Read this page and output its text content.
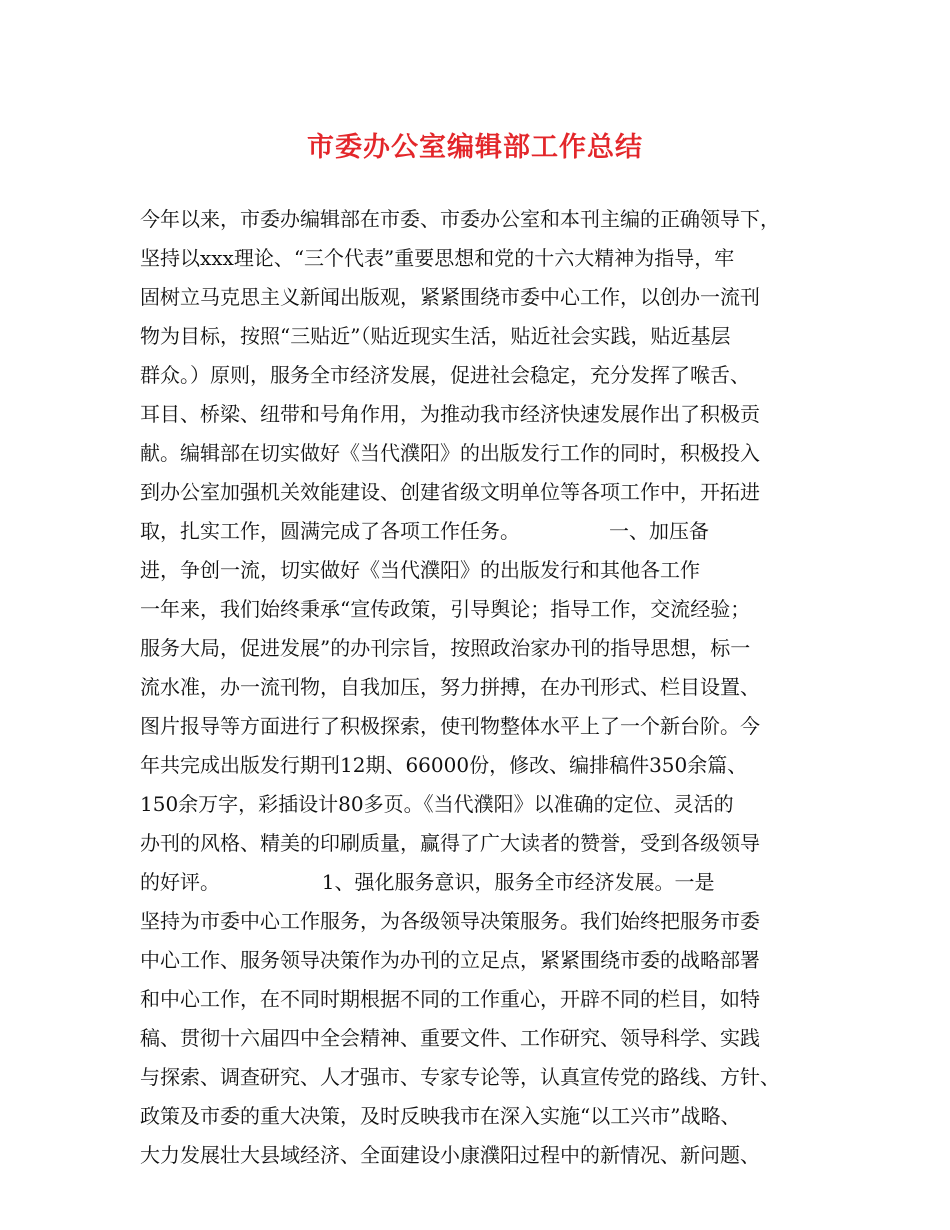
市委办公室编辑部工作总结
今年以来，市委办编辑部在市委、市委办公室和本刊主编的正确领导下，
坚持以xxx理论、“三个代表”重要思想和党的十六大精神为指导，牢
固树立马克思主义新闻出版观，紧紧围绕市委中心工作，以创办一流刊
物为目标，按照“三贴近”（贴近现实生活，贴近社会实践，贴近基层
群众。）原则，服务全市经济发展，促进社会稳定，充分发挥了喉舌、
耳目、桥梁、纽带和号角作用，为推动我市经济快速发展作出了积极贡
献。编辑部在切实做好《当代濮阳》的出版发行工作的同时，积极投入
到办公室加强机关效能建设、创建省级文明单位等各项工作中，开拓进
取，扎实工作，圆满完成了各项工作任务。              一、加压备
进，争创一流，切实做好《当代濮阳》的出版发行和其他各工作
一年来，我们始终秉承“宣传政策，引导舆论；指导工作，交流经验；
服务大局，促进发展”的办刊宗旨，按照政治家办刊的指导思想，标一
流水准，办一流刊物，自我加压，努力拼搏，在办刊形式、栏目设置、
图片报导等方面进行了积极探索，使刊物整体水平上了一个新台阶。今
年共完成出版发行期刊12期、66000份，修改、编排稿件350余篇、
150余万字，彩插设计80多页。《当代濮阳》以准确的定位、灵活的
办刊的风格、精美的印刷质量，赢得了广大读者的赞誉，受到各级领导
的好评。                1、强化服务意识，服务全市经济发展。一是
坚持为市委中心工作服务，为各级领导决策服务。我们始终把服务市委
中心工作、服务领导决策作为办刊的立足点，紧紧围绕市委的战略部署
和中心工作，在不同时期根据不同的工作重心，开辟不同的栏目，如特
稿、贯彻十六届四中全会精神、重要文件、工作研究、领导科学、实践
与探索、调查研究、人才强市、专家专论等，认真宣传党的路线、方针、
政策及市委的重大决策，及时反映我市在深入实施“以工兴市”战略、
大力发展壮大县域经济、全面建设小康濮阳过程中的新情况、新问题、
